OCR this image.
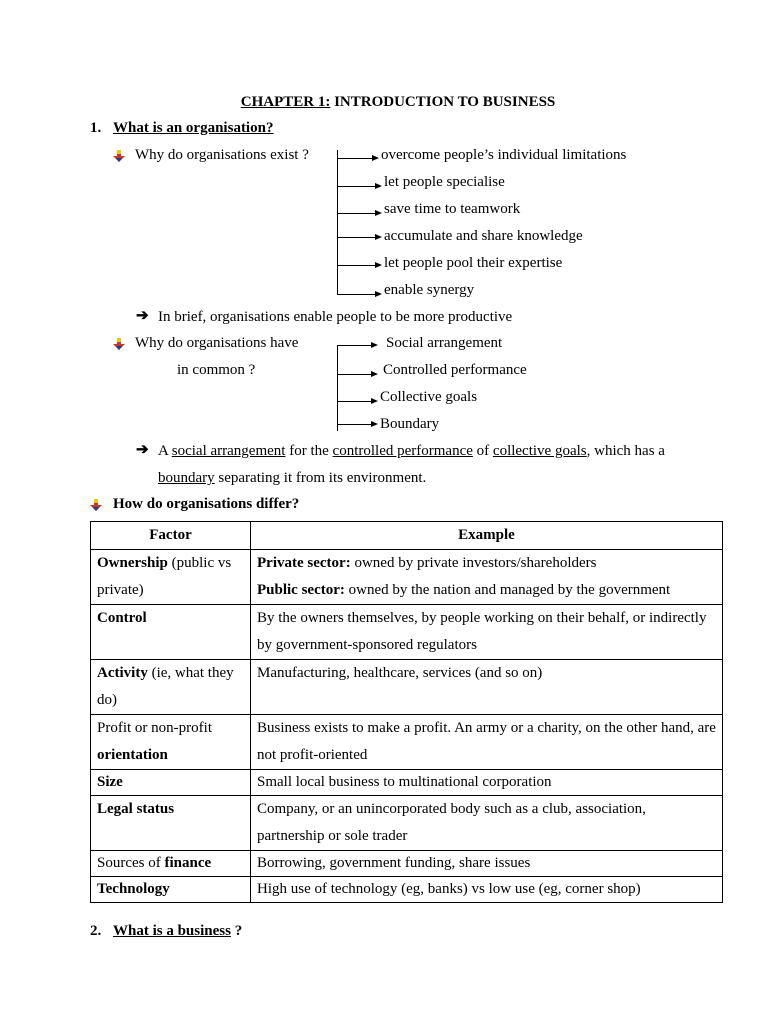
CHAPTER 1: INTRODUCTION TO BUSINESS
1. What is an organisation?
Why do organisations exist ?	overcome people’s individual limitations
let people specialise
save time to teamwork
accumulate and share knowledge
let people pool their expertise
enable synergy
➔ In brief, organisations enable people to be more productive
Why do organisations have
in common ?
Social arrangement
Controlled performance
Collective goals
Boundary
➔ A social arrangement for the controlled performance of collective goals, which has a
boundary separating it from its environment.
How do organisations differ?
Factor	Example
Ownership (public vs private)	Private sector: owned by private investors/shareholders
Public sector: owned by the nation and managed by the government

Control	By the owners themselves, by people working on their behalf, or indirectly by government-sponsored regulators
Activity (ie, what they do)	Manufacturing, healthcare, services (and so on)
Profit or non-profit orientation	Business exists to make a profit. An army or a charity, on the other hand, are not profit-oriented
Size	Small local business to multinational corporation
Legal status	Company, or an unincorporated body such as a club, association, partnership or sole trader
Sources of finance	Borrowing, government funding, share issues
Technology	High use of technology (eg, banks) vs low use (eg, corner shop)
2. What is a business ?
